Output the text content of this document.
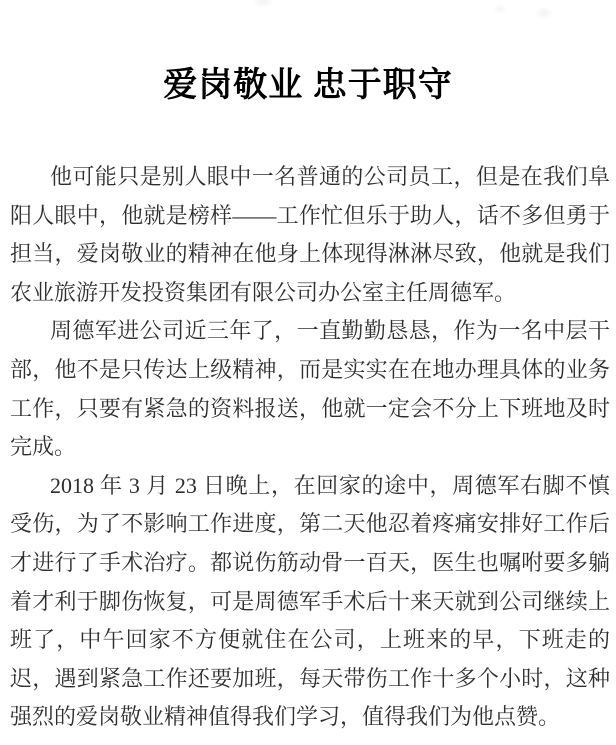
爱岗敬业 忠于职守

他可能只是别人眼中一名普通的公司员工，但是在我们阜阳人眼中，他就是榜样——工作忙但乐于助人，话不多但勇于担当，爱岗敬业的精神在他身上体现得淋淋尽致，他就是我们农业旅游开发投资集团有限公司办公室主任周德军。

周德军进公司近三年了，一直勤勤恳恳，作为一名中层干部，他不是只传达上级精神，而是实实在在地办理具体的业务工作，只要有紧急的资料报送，他就一定会不分上下班地及时完成。

2018 年 3 月 23 日晚上，在回家的途中，周德军右脚不慎受伤，为了不影响工作进度，第二天他忍着疼痛安排好工作后才进行了手术治疗。都说伤筋动骨一百天，医生也嘱咐要多躺着才利于脚伤恢复，可是周德军手术后十来天就到公司继续上班了，中午回家不方便就住在公司，上班来的早，下班走的迟，遇到紧急工作还要加班，每天带伤工作十多个小时，这种强烈的爱岗敬业精神值得我们学习，值得我们为他点赞。
